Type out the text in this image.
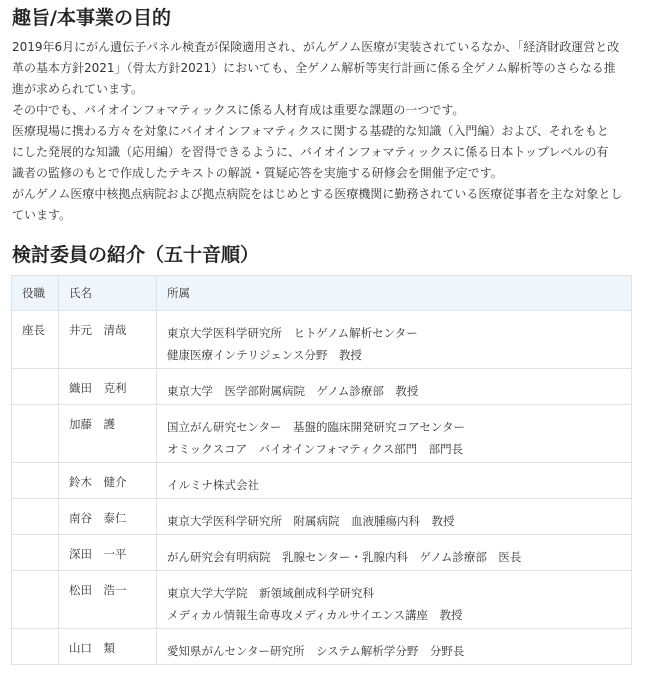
趣旨/本事業の目的
2019年6月にがん遺伝子パネル検査が保険適用され、がんゲノム医療が実装されているなか、「経済財政運営と改
革の基本方針2021」（骨太方針2021）においても、全ゲノム解析等実行計画に係る全ゲノム解析等のさらなる推
進が求められています。
その中でも、バイオインフォマティックスに係る人材育成は重要な課題の一つです。
医療現場に携わる方々を対象にバイオインフォマティクスに関する基礎的な知識（入門編）および、それをもと
にした発展的な知識（応用編）を習得できるように、バイオインフォマティックスに係る日本トップレベルの有
識者の監修のもとで作成したテキストの解説・質疑応答を実施する研修会を開催予定です。
がんゲノム医療中核拠点病院および拠点病院をはじめとする医療機関に勤務されている医療従事者を主な対象とし
ています。
検討委員の紹介（五十音順）
役職	氏名	所属
座長	井元　清哉	東京大学医科学研究所　ヒトゲノム解析センター
健康医療インテリジェンス分野　教授

	織田　克利	東京大学　医学部附属病院　ゲノム診療部　教授

	加藤　護	国立がん研究センター　基盤的臨床開発研究コアセンター
オミックスコア　バイオインフォマティクス部門　部門長

	鈴木　健介	イルミナ株式会社

	南谷　泰仁	東京大学医科学研究所　附属病院　血液腫瘍内科　教授

	深田　一平	がん研究会有明病院　乳腺センター・乳腺内科　ゲノム診療部　医長

	松田　浩一	東京大学大学院　新領域創成科学研究科
メディカル情報生命専攻メディカルサイエンス講座　教授

	山口　類	愛知県がんセンター研究所　システム解析学分野　分野長
